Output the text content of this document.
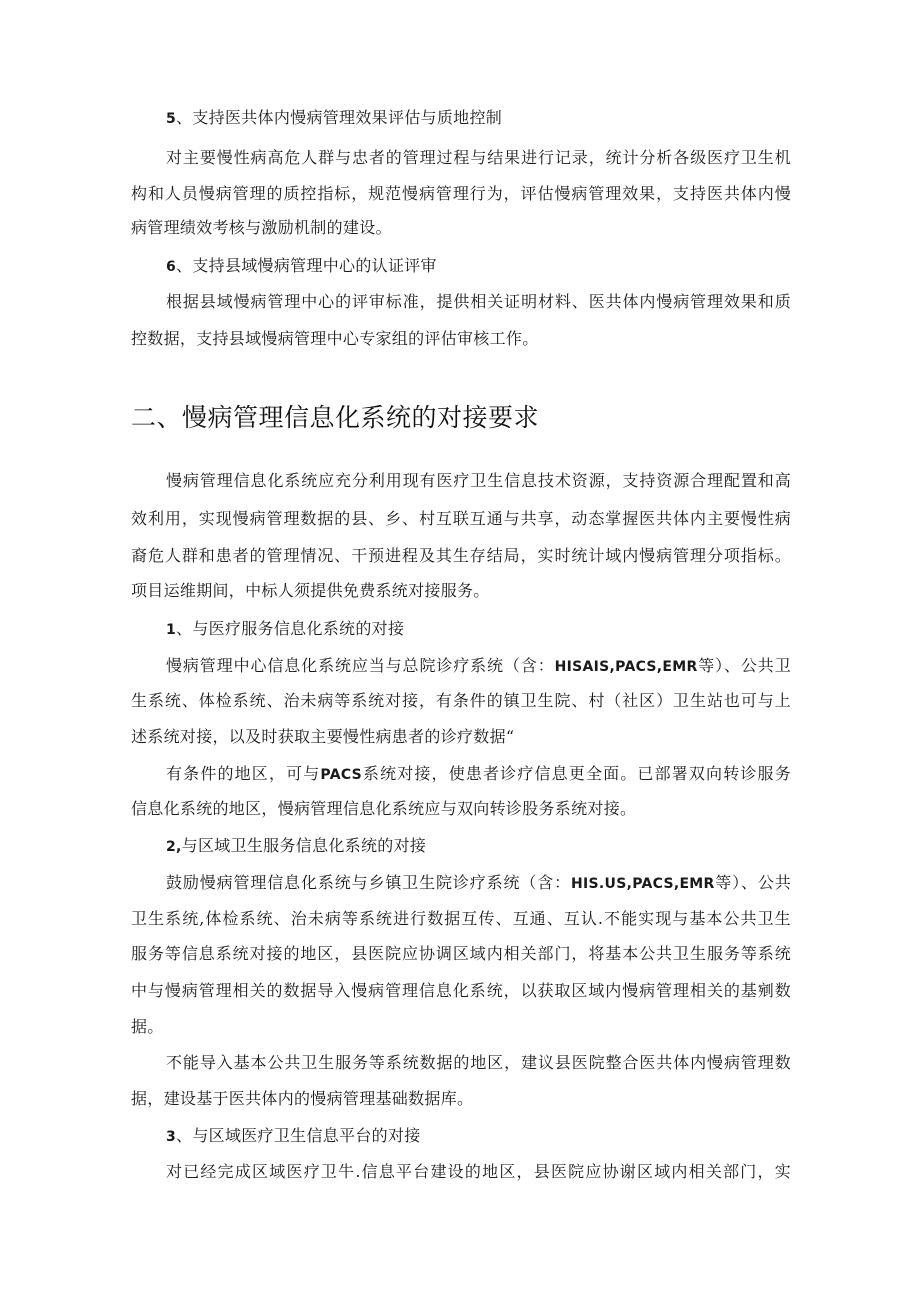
5、支持医共体内慢病管理效果评估与质地控制
对主要慢性病高危人群与忠者的管理过程与结果进行记录，统计分析各级医疗卫生机
构和人员慢病管理的质控指标，规范慢病管理行为，评估慢病管理效果，支持医共体内慢
病管理绩效考核与激励机制的建设。
6、支持县域慢病管理中心的认证评审
根据县域慢病管理中心的评审标准，提供相关证明材料、医共体内慢病管理效果和质
控数据，支持县域慢病管理中心专家组的评估审核工作。
二、慢病管理信息化系统的对接要求
慢病管理信息化系统应充分利用现有医疗卫生信息技术资源，支持资源合理配置和高
效利用，实现慢病管理数据的县、乡、村互联互通与共享，动态掌握医共体内主要慢性病
裔危人群和患者的管理情况、干预进程及其生存结局，实时统计域内慢病管理分项指标。
项目运维期间，中标人须提供免费系统对接服务。
1、与医疗服务信息化系统的对接
慢病管理中心信息化系统应当与总院诊疗系统（含：HISAIS,PACS,EMR等）、公共卫
生系统、体检系统、治未病等系统对接，有条件的镇卫生院、村（社区）卫生站也可与上
述系统对接，以及时获取主要慢性病患者的诊疗数据“
有条件的地区，可与PACS系统对接，使患者诊疗信息更全面。已部署双向转诊服务
信息化系统的地区，慢病管理信息化系统应与双向转诊股务系统对接。
2,与区域卫生服务信息化系统的对接
鼓励慢病管理信息化系统与乡镇卫生院诊疗系统（含：HIS.US,PACS,EMR等）、公共
卫生系统,体检系统、治未病等系统进行数据互传、互通、互认.不能实现与基本公共卫生
服务等信息系统对接的地区，县医院应协调区域内相关部门，将基本公共卫生服务等系统
中与慢病管理相关的数据导入慢病管理信息化系统，以获取区域内慢病管理相关的基剜数
据。
不能导入基本公共卫生服务等系统数据的地区，建议县医院整合医共体内慢病管理数
据，建设基于医共体内的慢病管理基础数据库。
3、与区域医疗卫生信息平台的对接
对已经完成区域医疗卫牛.信息平台建设的地区，县医院应协谢区域内相关部门，实
